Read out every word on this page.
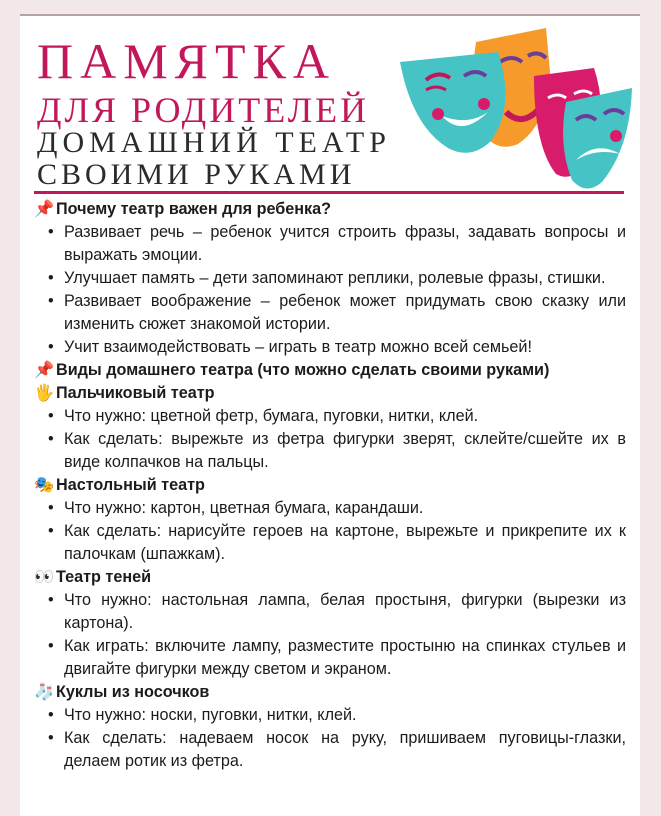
ПАМЯТКА
ДЛЯ РОДИТЕЛЕЙ
ДОМАШНИЙ ТЕАТР
СВОИМИ РУКАМИ
📌 Почему театр важен для ребенка?
• Развивает речь – ребенок учится строить фразы, задавать вопросы и выражать эмоции.
• Улучшает память – дети запоминают реплики, ролевые фразы, стишки.
• Развивает воображение – ребенок может придумать свою сказку или изменить сюжет знакомой истории.
• Учит взаимодействовать – играть в театр можно всей семьей!
📌 Виды домашнего театра (что можно сделать своими руками)
🖐 Пальчиковый театр
• Что нужно: цветной фетр, бумага, пуговки, нитки, клей.
• Как сделать: вырежьте из фетра фигурки зверят, склейте/сшейте их в виде колпачков на пальцы.
🎭 Настольный театр
• Что нужно: картон, цветная бумага, карандаши.
• Как сделать: нарисуйте героев на картоне, вырежьте и прикрепите их к палочкам (шпажкам).
👀 Театр теней
• Что нужно: настольная лампа, белая простыня, фигурки (вырезки из картона).
• Как играть: включите лампу, разместите простыню на спинках стульев и двигайте фигурки между светом и экраном.
🧦 Куклы из носочков
• Что нужно: носки, пуговки, нитки, клей.
• Как сделать: надеваем носок на руку, пришиваем пуговицы-глазки, делаем ротик из фетра.
